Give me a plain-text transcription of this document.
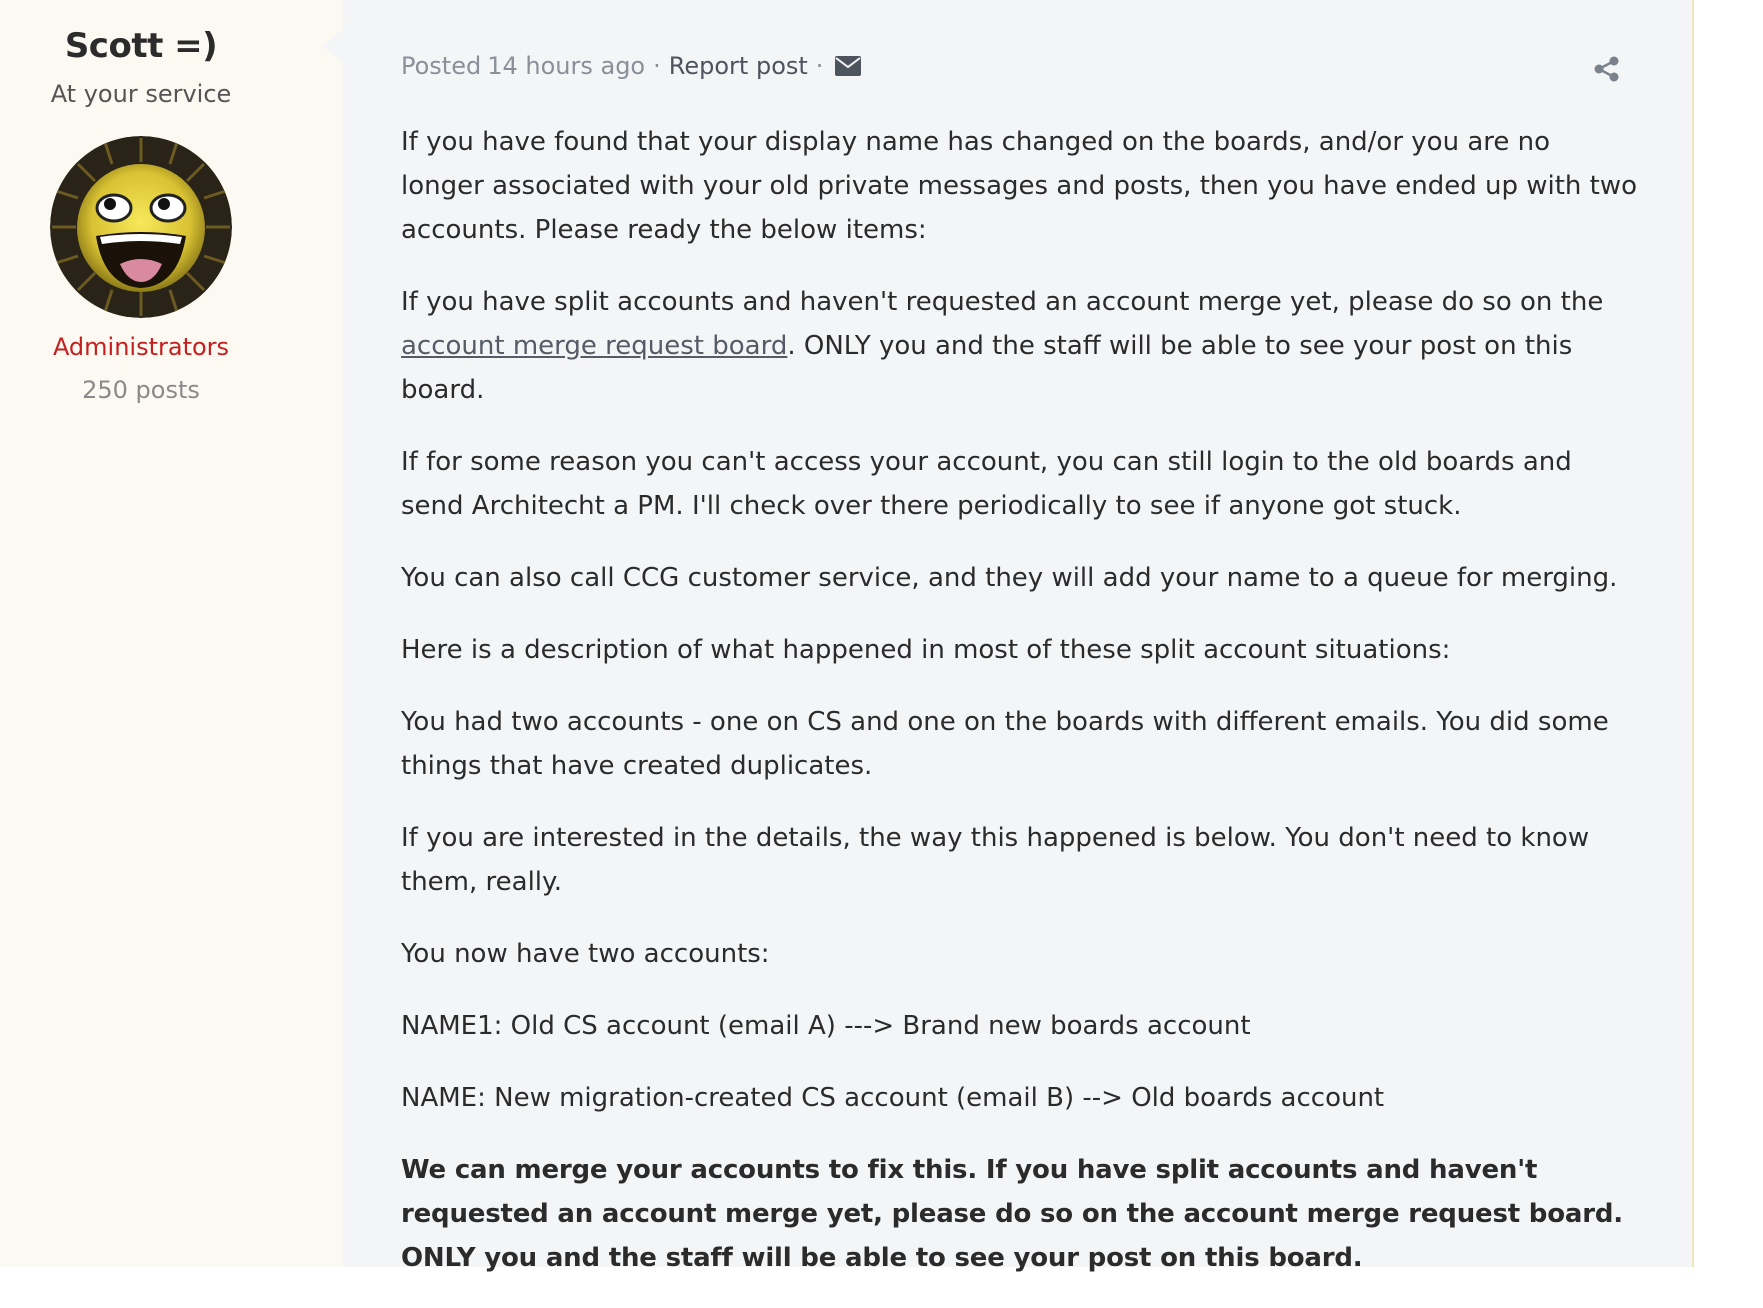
Scott =)
At your service
Administrators
250 posts
Posted 14 hours ago · Report post ·

If you have found that your display name has changed on the boards, and/or you are no longer associated with your old private messages and posts, then you have ended up with two accounts. Please ready the below items:

If you have split accounts and haven't requested an account merge yet, please do so on the account merge request board. ONLY you and the staff will be able to see your post on this board.

If for some reason you can't access your account, you can still login to the old boards and send Architecht a PM. I'll check over there periodically to see if anyone got stuck.

You can also call CCG customer service, and they will add your name to a queue for merging.

Here is a description of what happened in most of these split account situations:

You had two accounts - one on CS and one on the boards with different emails. You did some things that have created duplicates.

If you are interested in the details, the way this happened is below. You don't need to know them, really.

You now have two accounts:

NAME1: Old CS account (email A) ---> Brand new boards account

NAME: New migration-created CS account (email B) --> Old boards account

We can merge your accounts to fix this. If you have split accounts and haven't requested an account merge yet, please do so on the account merge request board. ONLY you and the staff will be able to see your post on this board.
